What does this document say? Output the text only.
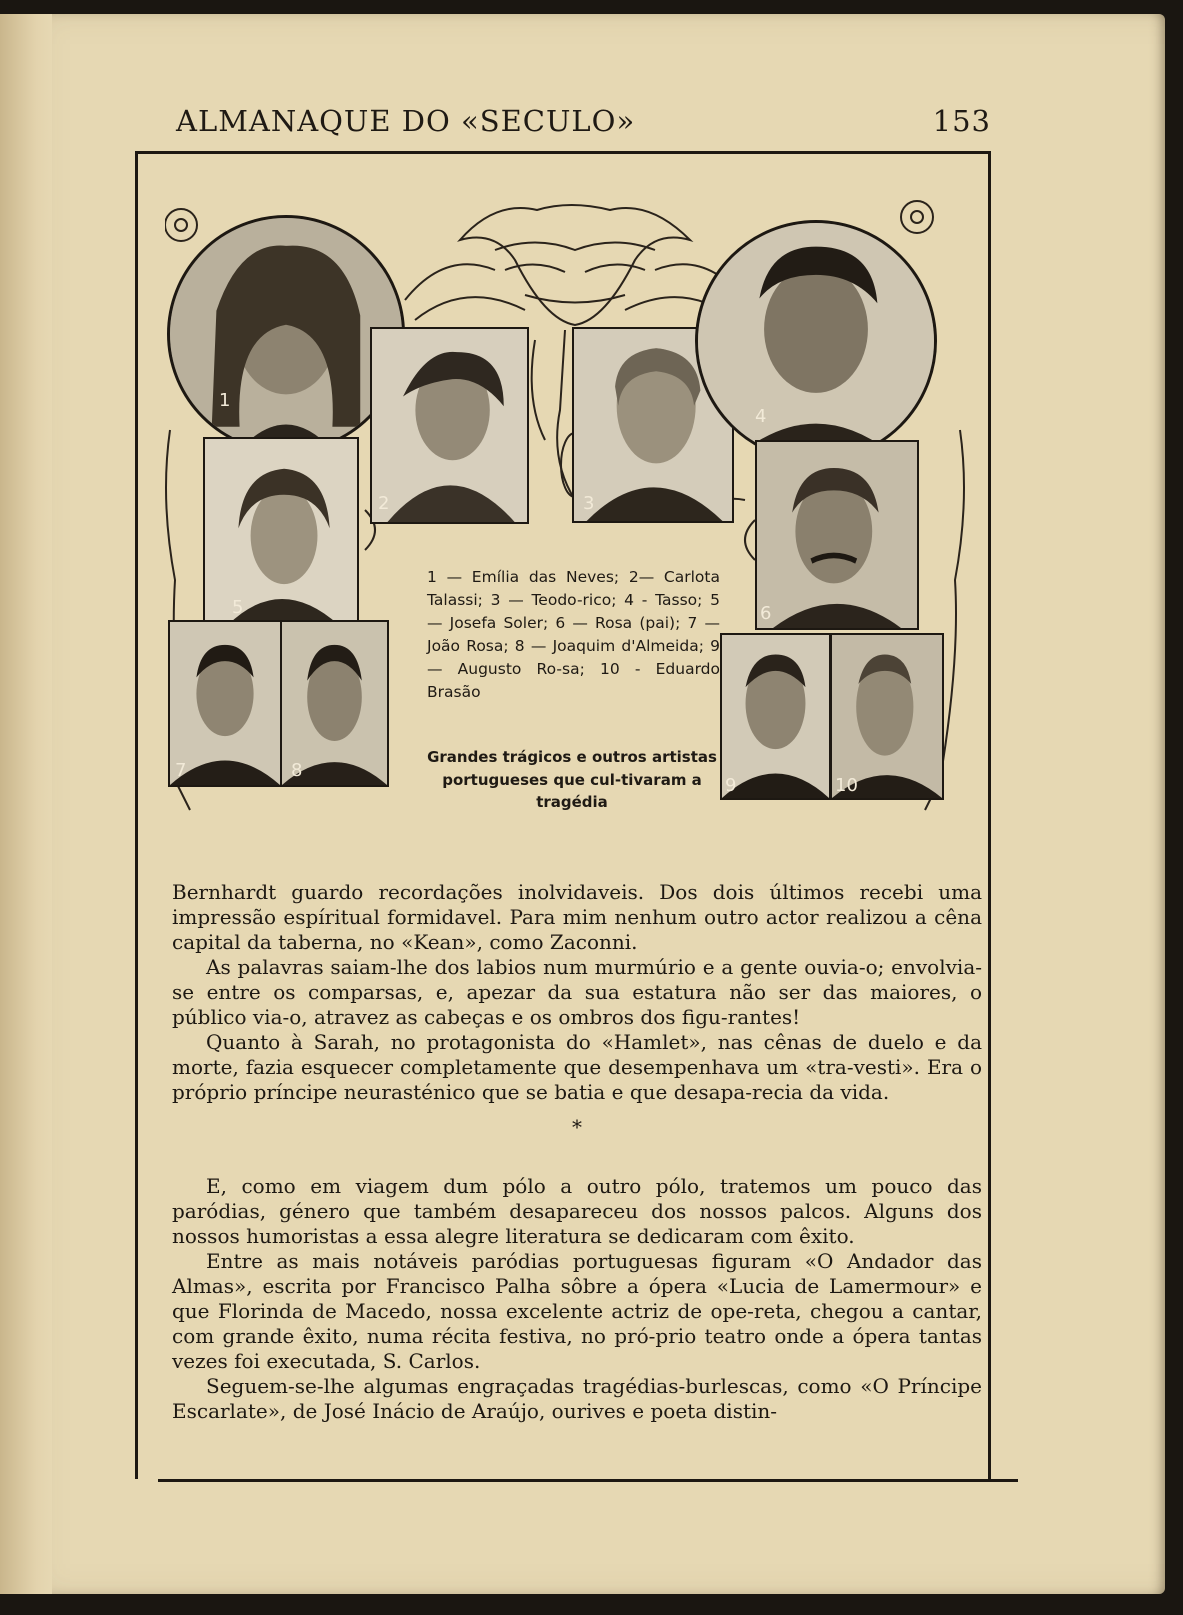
ALMANAQUE DO «SECULO»	153
1
2	3
4
5	6
7	8
9	10
1 — Emília das Neves; 2— Carlota Talassi; 3 — Teodo-rico; 4 - Tasso; 5 — Josefa Soler; 6 — Rosa (pai); 7 — João Rosa; 8 — Joaquim d'Almeida; 9 — Augusto Ro-sa; 10 - Eduardo Brasão
Grandes trágicos e outros artistas portugueses que cul-tivaram a tragédia

Bernhardt guardo recordações inolvidaveis. Dos dois últimos recebi uma impressão espíritual formidavel. Para mim nenhum outro actor realizou a cêna capital da taberna, no «Kean», como Zaconni.

As palavras saiam-lhe dos labios num murmúrio e a gente ouvia-o; envolvia-se entre os comparsas, e, apezar da sua estatura não ser das maiores, o público via-o, atravez as cabeças e os ombros dos figu-rantes!

Quanto à Sarah, no protagonista do «Hamlet», nas cênas de duelo e da morte, fazia esquecer completamente que desempenhava um «tra-vesti». Era o próprio príncipe neurasténico que se batia e que desapa-recia da vida.

*

E, como em viagem dum pólo a outro pólo, tratemos um pouco das paródias, género que também desapareceu dos nossos palcos. Alguns dos nossos humoristas a essa alegre literatura se dedicaram com êxito.

Entre as mais notáveis paródias portuguesas figuram «O Andador das Almas», escrita por Francisco Palha sôbre a ópera «Lucia de Lamermour» e que Florinda de Macedo, nossa excelente actriz de ope-reta, chegou a cantar, com grande êxito, numa récita festiva, no pró-prio teatro onde a ópera tantas vezes foi executada, S. Carlos.

Seguem-se-lhe algumas engraçadas tragédias-burlescas, como «O Príncipe Escarlate», de José Inácio de Araújo, ourives e poeta distin-
